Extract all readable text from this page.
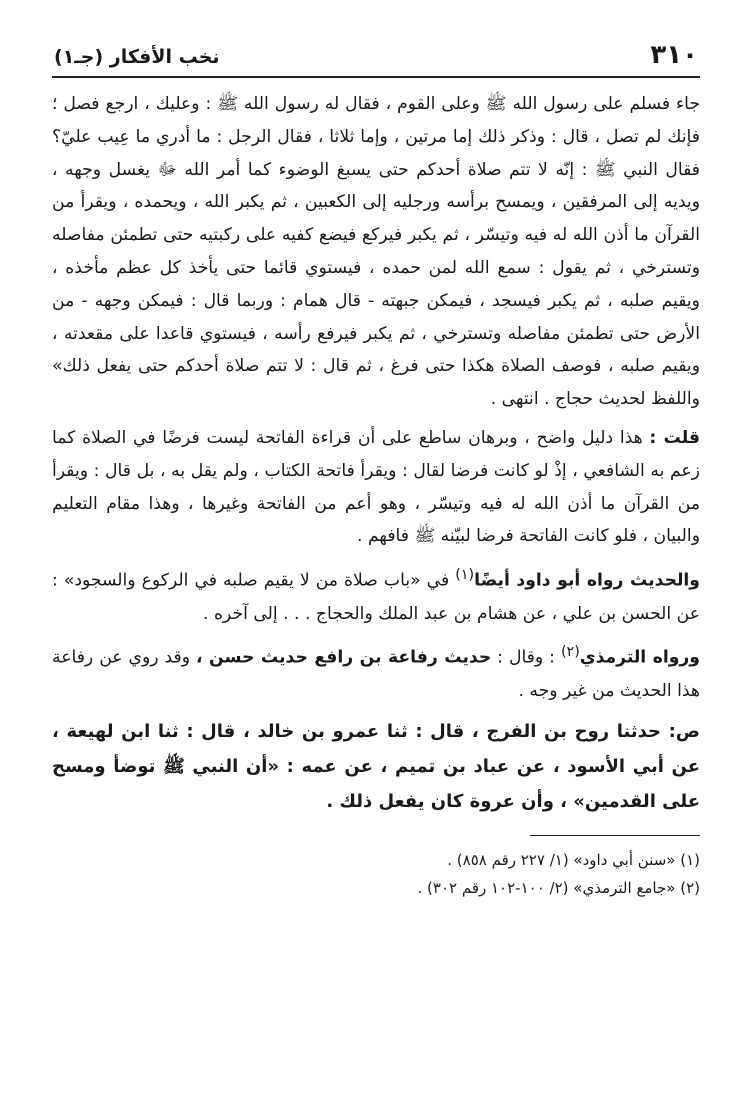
٣١٠
نخب الأفكار (جـ١)

جاء فسلم على رسول الله ﷺ وعلى القوم ، فقال له رسول الله ﷺ : وعليك ، ارجع فصل ؛ فإنك لم تصل ، قال : وذكر ذلك إما مرتين ، وإما ثلاثا ، فقال الرجل : ما أدري ما عِيب عليّ؟ فقال النبي ﷺ : إنّه لا تتم صلاة أحدكم حتى يسبغ الوضوء كما أمر الله ﷻ يغسل وجهه ، ويديه إلى المرفقين ، ويمسح برأسه ورجليه إلى الكعبين ، ثم يكبر الله ، ويحمده ، ويقرأ من القرآن ما أذن الله له فيه وتيسّر ، ثم يكبر فيركع فيضع كفيه على ركبتيه حتى تطمئن مفاصله وتسترخي ، ثم يقول : سمع الله لمن حمده ، فيستوي قائما حتى يأخذ كل عظم مأخذه ، ويقيم صلبه ، ثم يكبر فيسجد ، فيمكن جبهته - قال همام : وربما قال : فيمكن وجهه - من الأرض حتى تطمئن مفاصله وتسترخي ، ثم يكبر فيرفع رأسه ، فيستوي قاعدا على مقعدته ، ويقيم صلبه ، فوصف الصلاة هكذا حتى فرغ ، ثم قال : لا تتم صلاة أحدكم حتى يفعل ذلك» واللفظ لحديث حجاج . انتهى .

قلت : هذا دليل واضح ، وبرهان ساطع على أن قراءة الفاتحة ليست فرضًا في الصلاة كما زعم به الشافعي ، إذْ لو كانت فرضا لقال : ويقرأ فاتحة الكتاب ، ولم يقل به ، بل قال : ويقرأ من القرآن ما أذن الله له فيه وتيسّر ، وهو أعم من الفاتحة وغيرها ، وهذا مقام التعليم والبيان ، فلو كانت الفاتحة فرضا لبيّنه ﷺ فافهم .

والحديث رواه أبو داود أيضًا$^{(١)}$ في «باب صلاة من لا يقيم صلبه في الركوع والسجود» : عن الحسن بن علي ، عن هشام بن عبد الملك والحجاج . . . إلى آخره .

ورواه الترمذي$^{(٢)}$ : وقال : حديث رفاعة بن رافع حديث حسن ، وقد روي عن رفاعة هذا الحديث من غير وجه .

ص: حدثنا روح بن الفرج ، قال : ثنا عمرو بن خالد ، قال : ثنا ابن لهيعة ، عن أبي الأسود ، عن عباد بن تميم ، عن عمه : «أن النبي ﷺ توضأ ومسح على القدمين» ، وأن عروة كان يفعل ذلك .

(١) «سنن أبي داود» (١/ ٢٢٧ رقم ٨٥٨) .

(٢) «جامع الترمذي» (٢/ ١٠٠-١٠٢ رقم ٣٠٢) .
